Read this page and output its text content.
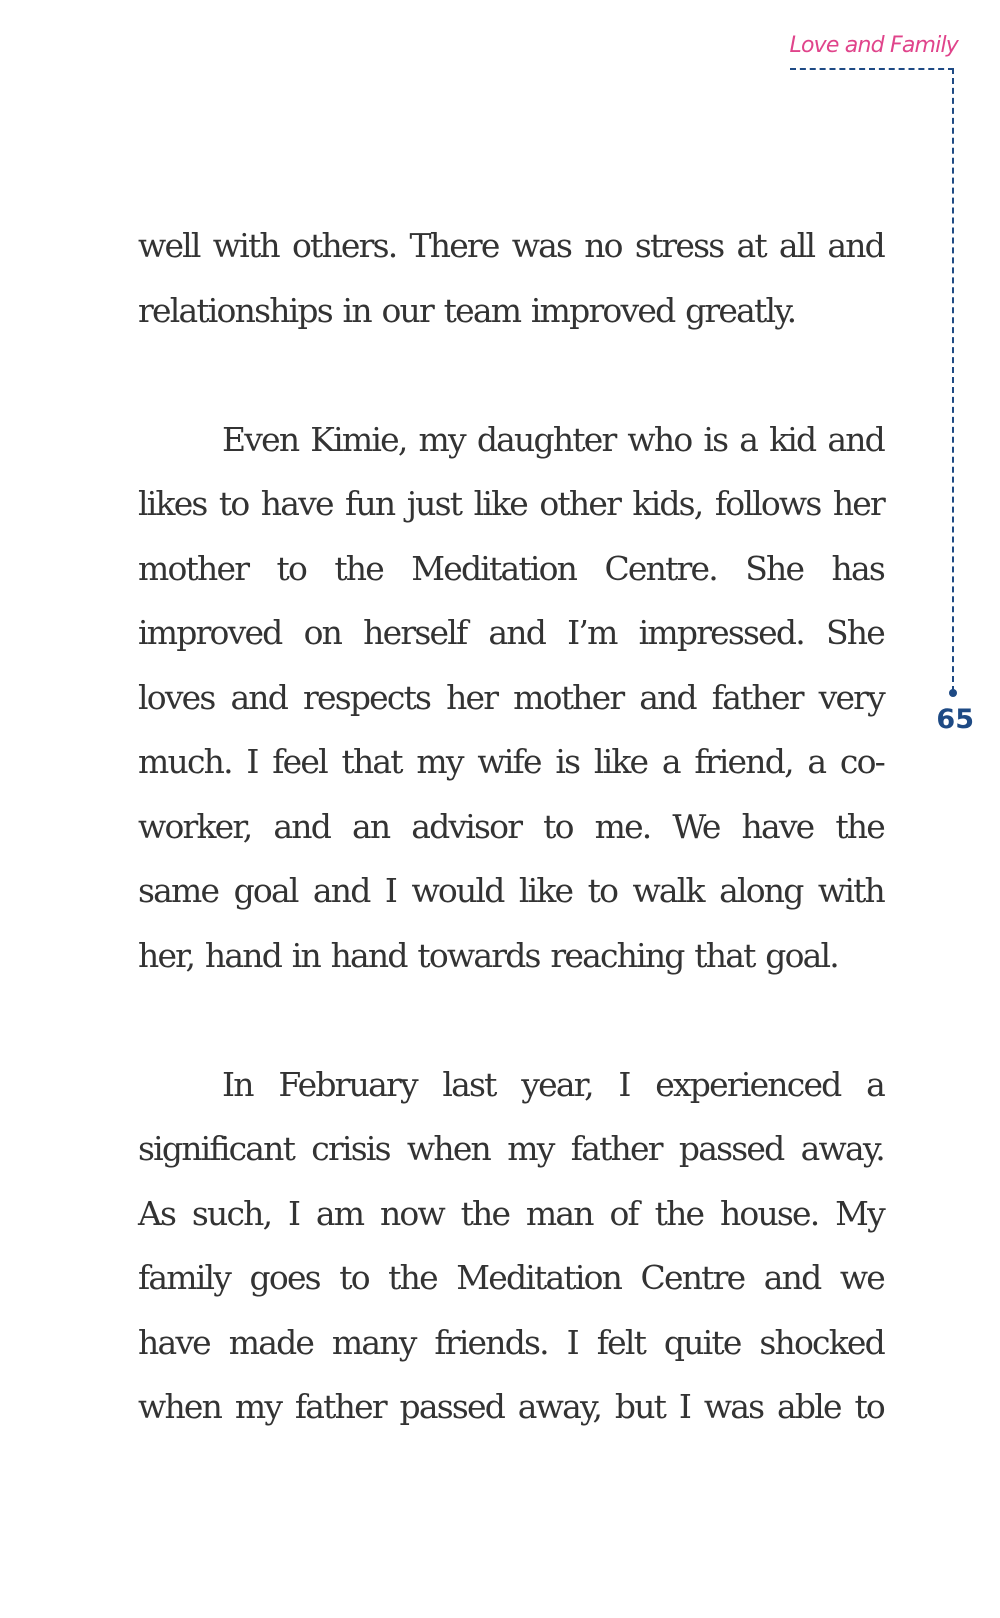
Love and Family
65

well with others. There was no stress at all and relationships in our team improved greatly.

Even Kimie, my daughter who is a kid and likes to have fun just like other kids, follows her mother to the Meditation Centre. She has improved on herself and I’m impressed. She loves and respects her mother and father very much. I feel that my wife is like a friend, a co-worker, and an advisor to me. We have the same goal and I would like to walk along with her, hand in hand towards reaching that goal.

In February last year, I experienced a significant crisis when my father passed away. As such, I am now the man of the house. My family goes to the Meditation Centre and we have made many friends. I felt quite shocked when my father passed away, but I was able to
